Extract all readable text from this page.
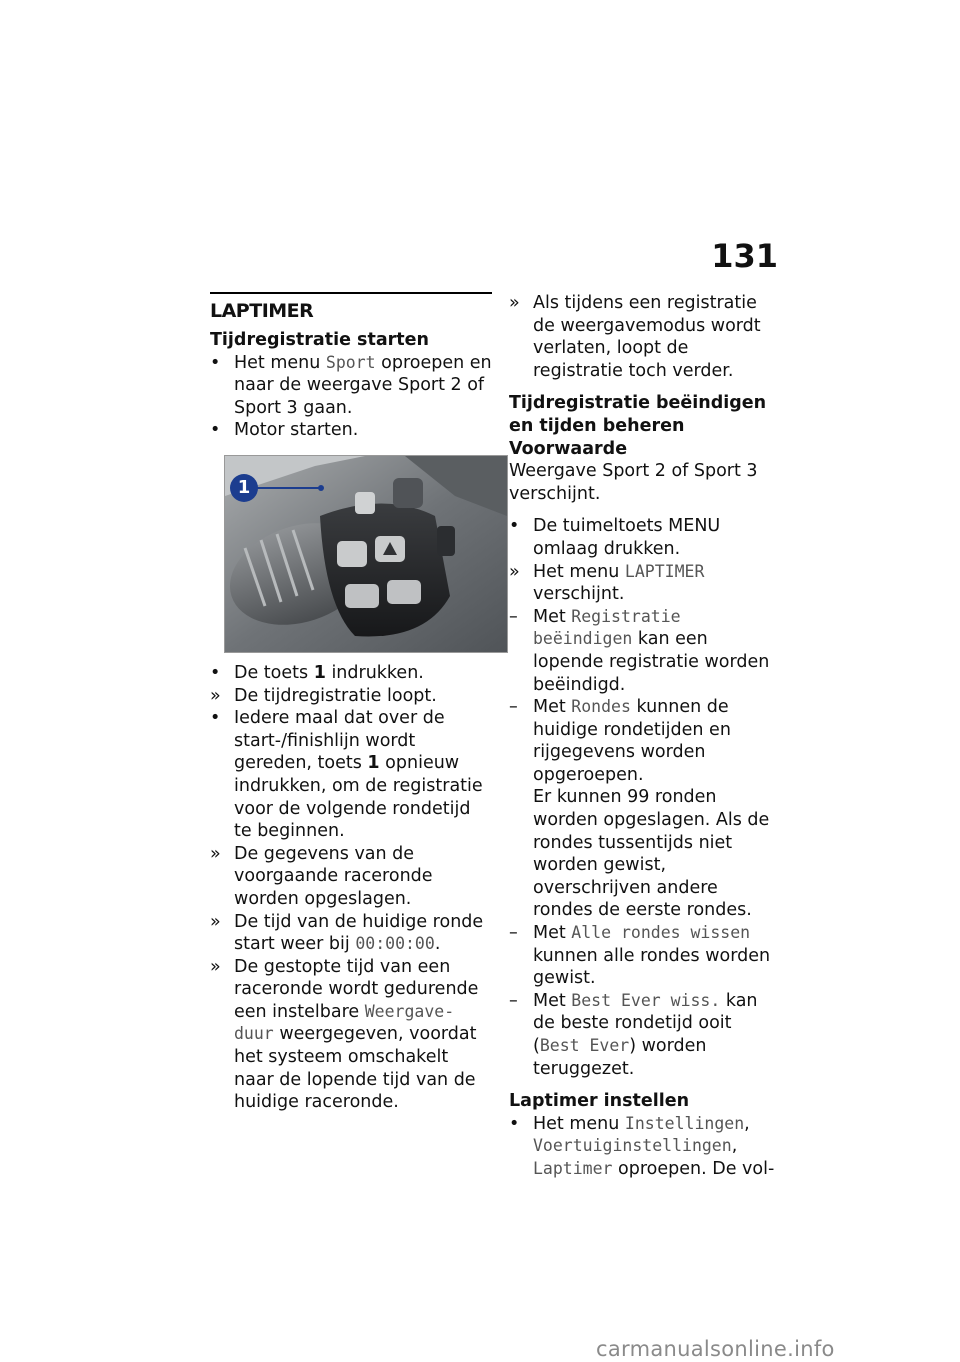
131
LAPTIMER
Tijdregistratie starten
• Het menu Sport oproepen en naar de weergave Sport 2 of Sport 3 gaan.
• Motor starten.
1
• De toets 1 indrukken.
» De tijdregistratie loopt.
• Iedere maal dat over de start-/finishlijn wordt gereden, toets 1 opnieuw indrukken, om de registratie voor de volgende rondetijd te beginnen.
» De gegevens van de voorgaande raceronde worden opgeslagen.
» De tijd van de huidige ronde start weer bij 00:00:00.
» De gestopte tijd van een raceronde wordt gedurende een instelbare Weergave-duur weergegeven, voordat het systeem omschakelt naar de lopende tijd van de huidige raceronde.
» Als tijdens een registratie de weergavemodus wordt verlaten, loopt de registratie toch verder.
Tijdregistratie beëindigen en tijden beheren
Voorwaarde
Weergave Sport 2 of Sport 3 verschijnt.
• De tuimeltoets MENU omlaag drukken.
» Het menu LAPTIMER verschijnt.
– Met Registratie beëindigen kan een lopende registratie worden beëindigd.
– Met Rondes kunnen de huidige rondetijden en rijgegevens worden opgeroepen.
Er kunnen 99 ronden worden opgeslagen. Als de rondes tussentijds niet worden gewist, overschrijven andere rondes de eerste rondes.
– Met Alle rondes wissen kunnen alle rondes worden gewist.
– Met Best Ever wiss. kan de beste rondetijd ooit (Best Ever) worden teruggezet.
Laptimer instellen
• Het menu Instellingen, Voertuiginstellingen, Laptimer oproepen. De vol-
carmanualsonline.info
